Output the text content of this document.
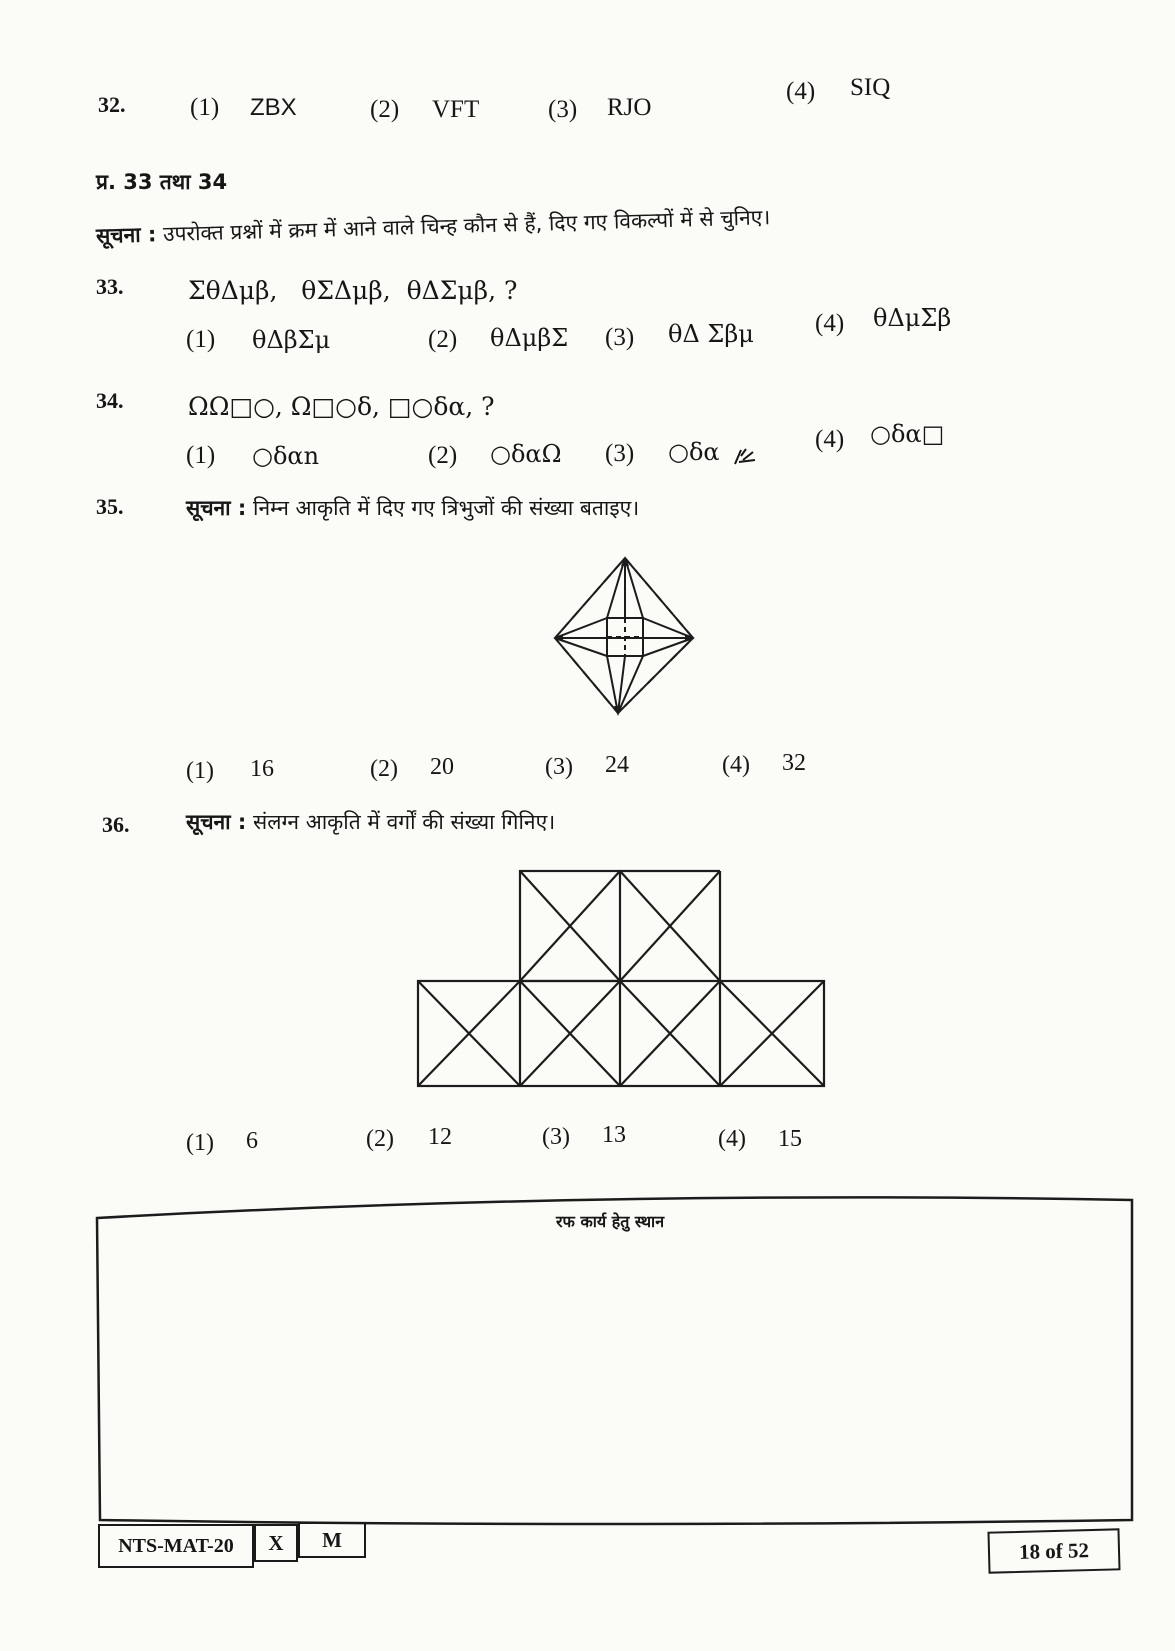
32.	(1) ZBX	(2) VFT	(3) RJO
(4) SIQ
प्र. 33 तथा 34
सूचना : उपरोक्त प्रश्नों में क्रम में आने वाले चिन्ह कौन से हैं, दिए गए विकल्पों में से चुनिए।
33.	ΣθΔμβ,   θΣΔμβ,  θΔΣμβ, ?
(1) θΔβΣμ	(2) θΔμβΣ (3) θΔ Σβμ (4) θΔμΣβ
34.	ΩΩ□○, Ω□○δ, □○δα, ?
(1) ○δαn	(2) ○δαΩ (3) ○δα	(4) ○δα□
35.	सूचना : निम्न आकृति में दिए गए त्रिभुजों की संख्या बताइए।
(1) 16	(2) 20	(3) 24	(4) 32
36.	सूचना : संलग्न आकृति में वर्गों की संख्या गिनिए।
(1) 6	(2) 12	(3) 13	(4) 15
रफ कार्य हेतु स्थान
NTS-MAT-20	X	M	18 of 52
